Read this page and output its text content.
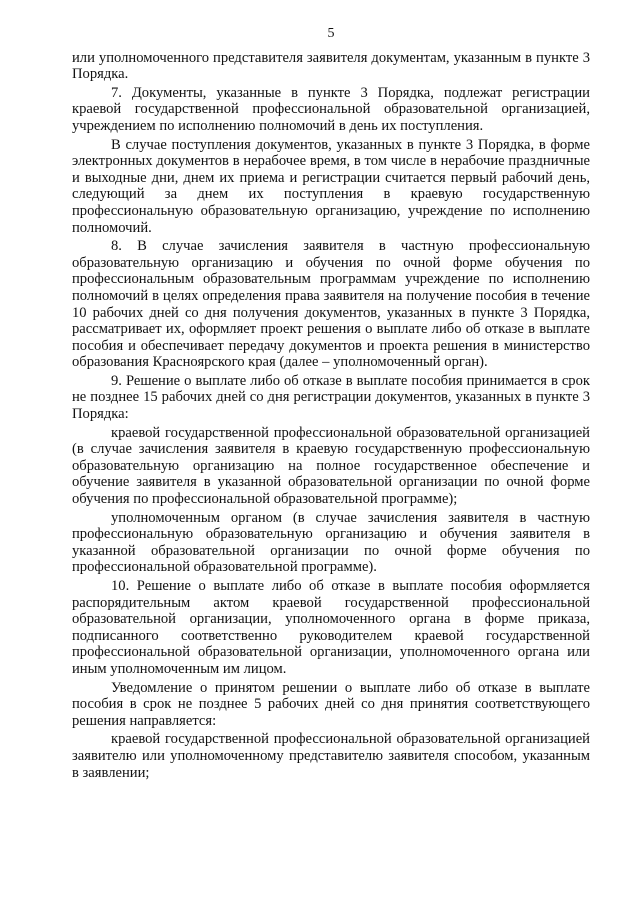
5

или уполномоченного представителя заявителя документам, указанным в пункте 3 Порядка.

7. Документы, указанные в пункте 3 Порядка, подлежат регистрации краевой государственной профессиональной образовательной организацией, учреждением по исполнению полномочий в день их поступления.

В случае поступления документов, указанных в пункте 3 Порядка, в форме электронных документов в нерабочее время, в том числе в нерабочие праздничные и выходные дни, днем их приема и регистрации считается первый рабочий день, следующий за днем их поступления в краевую государственную профессиональную образовательную организацию, учреждение по исполнению полномочий.

8. В случае зачисления заявителя в частную профессиональную образовательную организацию и обучения по очной форме обучения по профессиональным образовательным программам учреждение по исполнению полномочий в целях определения права заявителя на получение пособия в течение 10 рабочих дней со дня получения документов, указанных в пункте 3 Порядка, рассматривает их, оформляет проект решения о выплате либо об отказе в выплате пособия и обеспечивает передачу документов и проекта решения в министерство образования Красноярского края (далее – уполномоченный орган).

9. Решение о выплате либо об отказе в выплате пособия принимается в срок не позднее 15 рабочих дней со дня регистрации документов, указанных в пункте 3 Порядка:

краевой государственной профессиональной образовательной организацией (в случае зачисления заявителя в краевую государственную профессиональную образовательную организацию на полное государственное обеспечение и обучение заявителя в указанной образовательной организации по очной форме обучения по профессиональной образовательной программе);

уполномоченным органом (в случае зачисления заявителя в частную профессиональную образовательную организацию и обучения заявителя в указанной образовательной организации по очной форме обучения по профессиональной образовательной программе).

10. Решение о выплате либо об отказе в выплате пособия оформляется распорядительным актом краевой государственной профессиональной образовательной организации, уполномоченного органа в форме приказа, подписанного соответственно руководителем краевой государственной профессиональной образовательной организации, уполномоченного органа или иным уполномоченным им лицом.

Уведомление о принятом решении о выплате либо об отказе в выплате пособия в срок не позднее 5 рабочих дней со дня принятия соответствующего решения направляется:

краевой государственной профессиональной образовательной организацией заявителю или уполномоченному представителю заявителя способом, указанным в заявлении;
